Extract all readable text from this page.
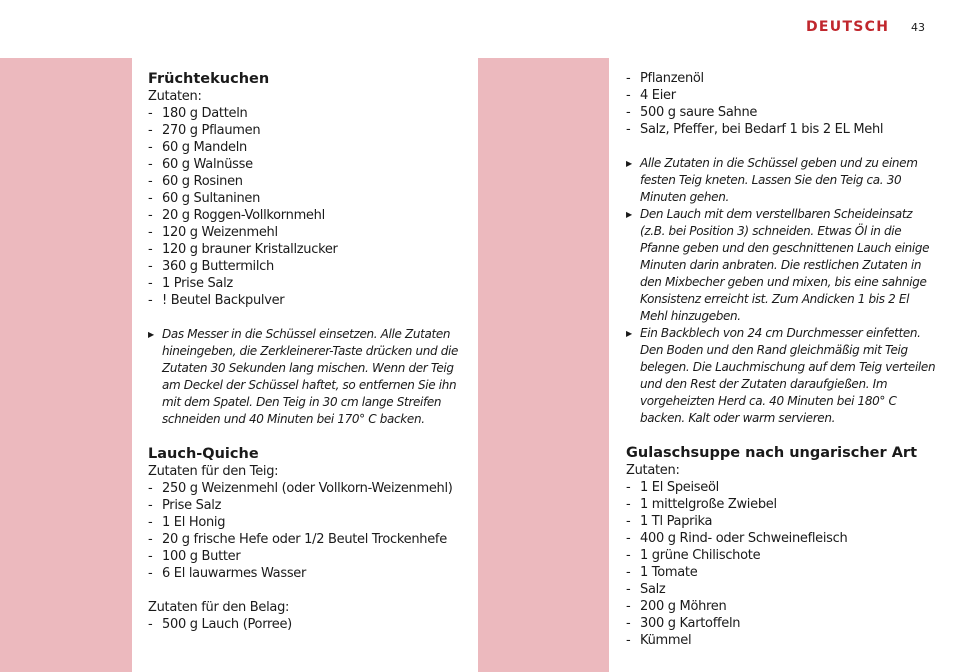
DEUTSCH 43
Früchtekuchen

Zutaten:

- 180 g Datteln
- 270 g Pflaumen
- 60 g Mandeln
- 60 g Walnüsse
- 60 g Rosinen
- 60 g Sultaninen
- 20 g Roggen-Vollkornmehl
- 120 g Weizenmehl
- 120 g brauner Kristallzucker
- 360 g Buttermilch
- 1 Prise Salz
- ! Beutel Backpulver
▶ Das Messer in die Schüssel einsetzen. Alle Zutaten hineingeben, die Zerkleinerer-Taste drücken und die Zutaten 30 Sekunden lang mischen. Wenn der Teig am Deckel der Schüssel haftet, so entfernen Sie ihn mit dem Spatel. Den Teig in 30 cm lange Streifen schneiden und 40 Minuten bei 170° C backen.
Lauch-Quiche

Zutaten für den Teig:

- 250 g Weizenmehl (oder Vollkorn-Weizenmehl)
- Prise Salz
- 1 El Honig
- 20 g frische Hefe oder 1/2 Beutel Trockenhefe
- 100 g Butter
- 6 El lauwarmes Wasser

Zutaten für den Belag:

- 500 g Lauch (Porree)
- Pflanzenöl
- 4 Eier
- 500 g saure Sahne
- Salz, Pfeffer, bei Bedarf 1 bis 2 EL Mehl
▶ Alle Zutaten in die Schüssel geben und zu einem festen Teig kneten. Lassen Sie den Teig ca. 30 Minuten gehen.
▶ Den Lauch mit dem verstellbaren Scheideinsatz (z.B. bei Position 3) schneiden. Etwas Öl in die Pfanne geben und den geschnittenen Lauch einige Minuten darin anbraten. Die restlichen Zutaten in den Mixbecher geben und mixen, bis eine sahnige Konsistenz erreicht ist. Zum Andicken 1 bis 2 El Mehl hinzugeben.
▶ Ein Backblech von 24 cm Durchmesser einfetten. Den Boden und den Rand gleichmäßig mit Teig belegen. Die Lauchmischung auf dem Teig verteilen und den Rest der Zutaten daraufgießen. Im vorgeheizten Herd ca. 40 Minuten bei 180° C backen. Kalt oder warm servieren.
Gulaschsuppe nach ungarischer Art

Zutaten:

- 1 El Speiseöl
- 1 mittelgroße Zwiebel
- 1 Tl Paprika
- 400 g Rind- oder Schweinefleisch
- 1 grüne Chilischote
- 1 Tomate
- Salz
- 200 g Möhren
- 300 g Kartoffeln
- Kümmel
